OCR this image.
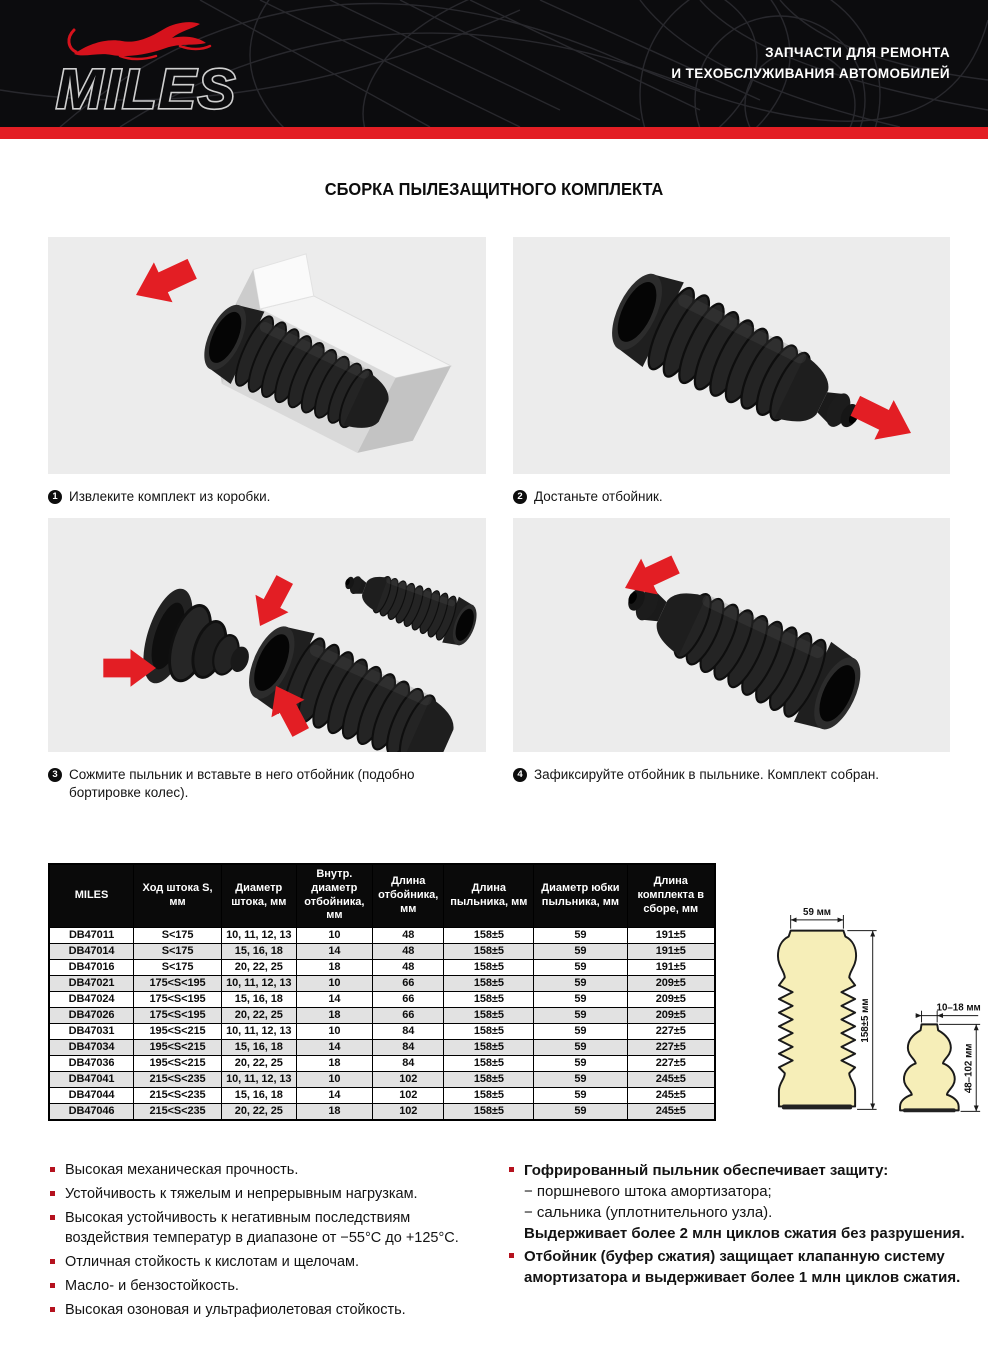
MILES
ЗАПЧАСТИ ДЛЯ РЕМОНТА
И ТЕХОБСЛУЖИВАНИЯ АВТОМОБИЛЕЙ
СБОРКА ПЫЛЕЗАЩИТНОГО КОМПЛЕКТА
1 Извлеките комплект из коробки.	2 Достаньте отбойник.
3 Сожмите пыльник и вставьте в него отбойник (подобно бортировке колес).
4 Зафиксируйте отбойник в пыльнике. Комплект собран.
MILES	Ход штока S, мм	Диаметр штока, мм	Внутр. диаметр отбойника, мм	Длина отбойника, мм	Длина пыльника, мм	Диаметр юбки пыльника, мм	Длина комплекта в сборе, мм
DB47011	S<175	10, 11, 12, 13	10	48	158±5	59	191±5
DB47014	S<175	15, 16, 18	14	48	158±5	59	191±5
DB47016	S<175	20, 22, 25	18	48	158±5	59	191±5
DB47021	175<S<195	10, 11, 12, 13	10	66	158±5	59	209±5
DB47024	175<S<195	15, 16, 18	14	66	158±5	59	209±5
DB47026	175<S<195	20, 22, 25	18	66	158±5	59	209±5
DB47031	195<S<215	10, 11, 12, 13	10	84	158±5	59	227±5
DB47034	195<S<215	15, 16, 18	14	84	158±5	59	227±5
DB47036	195<S<215	20, 22, 25	18	84	158±5	59	227±5
DB47041	215<S<235	10, 11, 12, 13	10	102	158±5	59	245±5
DB47044	215<S<235	15, 16, 18	14	102	158±5	59	245±5
DB47046	215<S<235	20, 22, 25	18	102	158±5	59	245±5
59 мм
158±5 мм	10–18 мм
48–102 мм
Высокая механическая прочность.
Устойчивость к тяжелым и непрерывным нагрузкам.
Высокая устойчивость к негативным последствиям воздействия температур в диапазоне от −55°С до +125°С.
Отличная стойкость к кислотам и щелочам.
Масло- и бензостойкость.
Высокая озоновая и ультрафиолетовая стойкость.
Гофрированный пыльник обеспечивает защиту:
− поршневого штока амортизатора;
− сальника (уплотнительного узла).
Выдерживает более 2 млн циклов сжатия без разрушения.
Отбойник (буфер сжатия) защищает клапанную систему амортизатора и выдерживает более 1 млн циклов сжатия.
